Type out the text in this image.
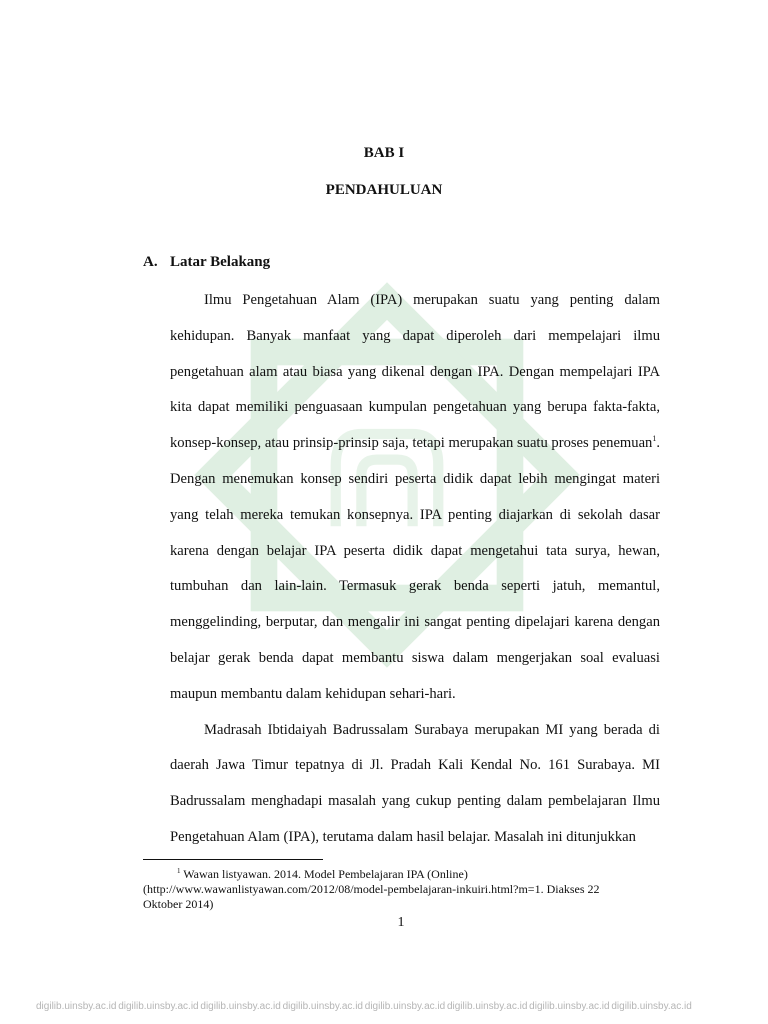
BAB I
PENDAHULUAN
A. Latar Belakang

Ilmu Pengetahuan Alam (IPA) merupakan suatu yang penting dalam kehidupan. Banyak manfaat yang dapat diperoleh dari mempelajari ilmu pengetahuan alam atau biasa yang dikenal dengan IPA. Dengan mempelajari IPA kita dapat memiliki penguasaan kumpulan pengetahuan yang berupa fakta-fakta, konsep-konsep, atau prinsip-prinsip saja, tetapi merupakan suatu proses penemuan$^1$. Dengan menemukan konsep sendiri peserta didik dapat lebih mengingat materi yang telah mereka temukan konsepnya. IPA penting diajarkan di sekolah dasar karena dengan belajar IPA peserta didik dapat mengetahui tata surya, hewan, tumbuhan dan lain-lain. Termasuk gerak benda seperti jatuh, memantul, menggelinding, berputar, dan mengalir ini sangat penting dipelajari karena dengan belajar gerak benda dapat membantu siswa dalam mengerjakan soal evaluasi maupun membantu dalam kehidupan sehari-hari.

Madrasah Ibtidaiyah Badrussalam Surabaya merupakan MI yang berada di daerah Jawa Timur tepatnya di Jl. Pradah Kali Kendal No. 161 Surabaya. MI Badrussalam menghadapi masalah yang cukup penting dalam pembelajaran Ilmu Pengetahuan Alam (IPA), terutama dalam hasil belajar. Masalah ini ditunjukkan

$^1$ Wawan listyawan. 2014. Model Pembelajaran IPA (Online)
(http://www.wawanlistyawan.com/2012/08/model-pembelajaran-inkuiri.html?m=1. Diakses 22
Oktober 2014)
1
digilib.uinsby.ac.id digilib.uinsby.ac.id digilib.uinsby.ac.id digilib.uinsby.ac.id digilib.uinsby.ac.id digilib.uinsby.ac.id digilib.uinsby.ac.id digilib.uinsby.ac.id
